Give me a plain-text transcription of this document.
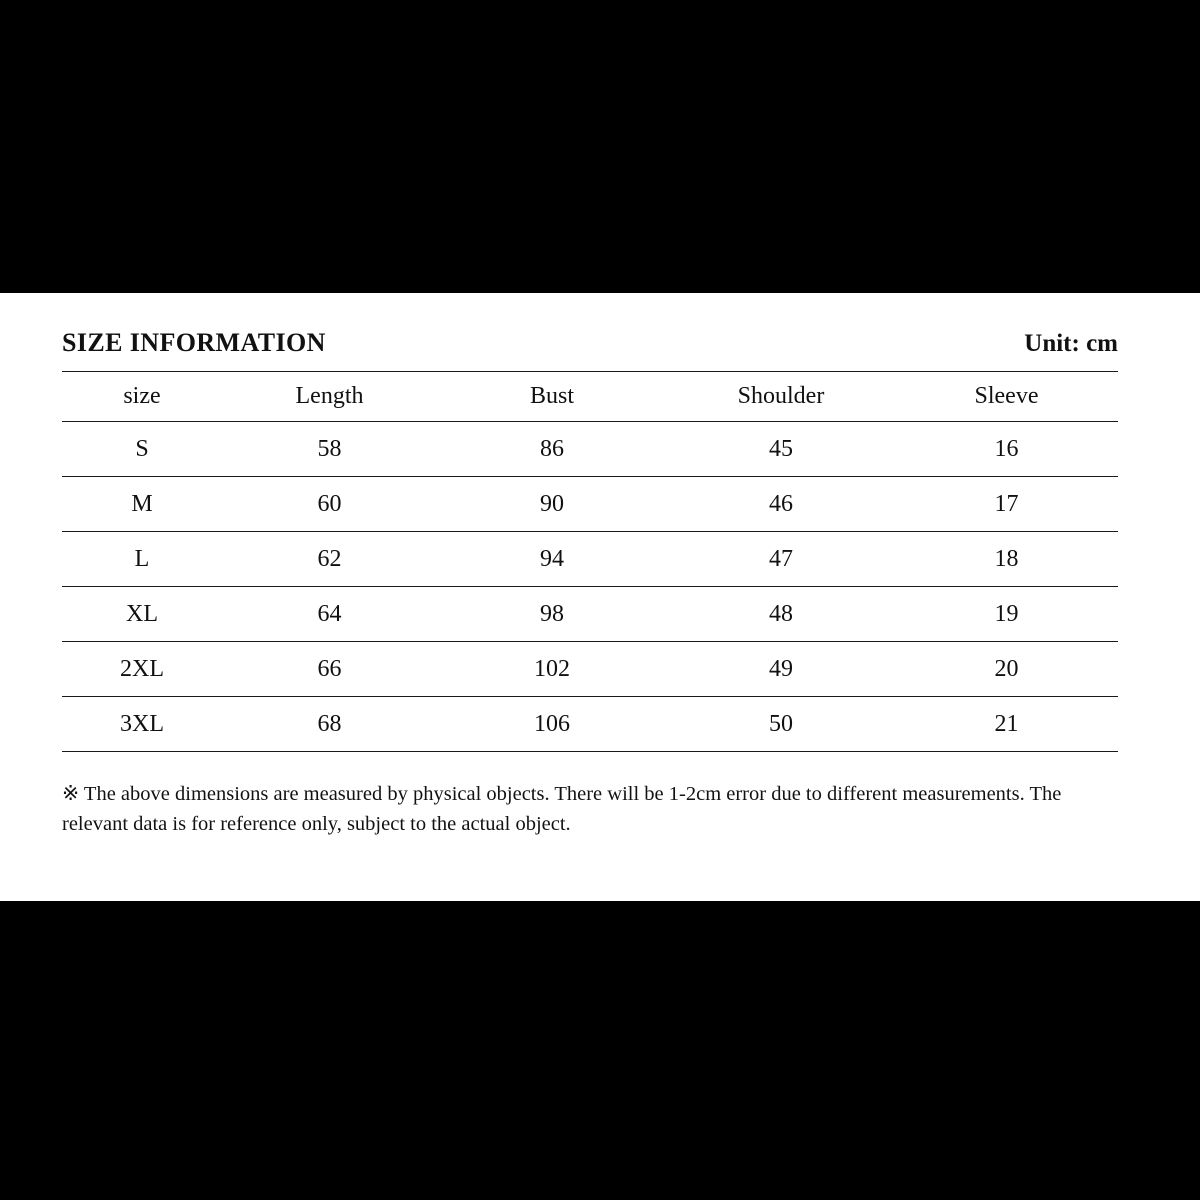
SIZE INFORMATION	Unit: cm
size	Length	Bust	Shoulder	Sleeve
S	58	86	45	16
M	60	90	46	17
L	62	94	47	18
XL	64	98	48	19
2XL	66	102	49	20
3XL	68	106	50	21
※ The above dimensions are measured by physical objects. There will be 1-2cm error due to different measurements. The relevant data is for reference only, subject to the actual object.
